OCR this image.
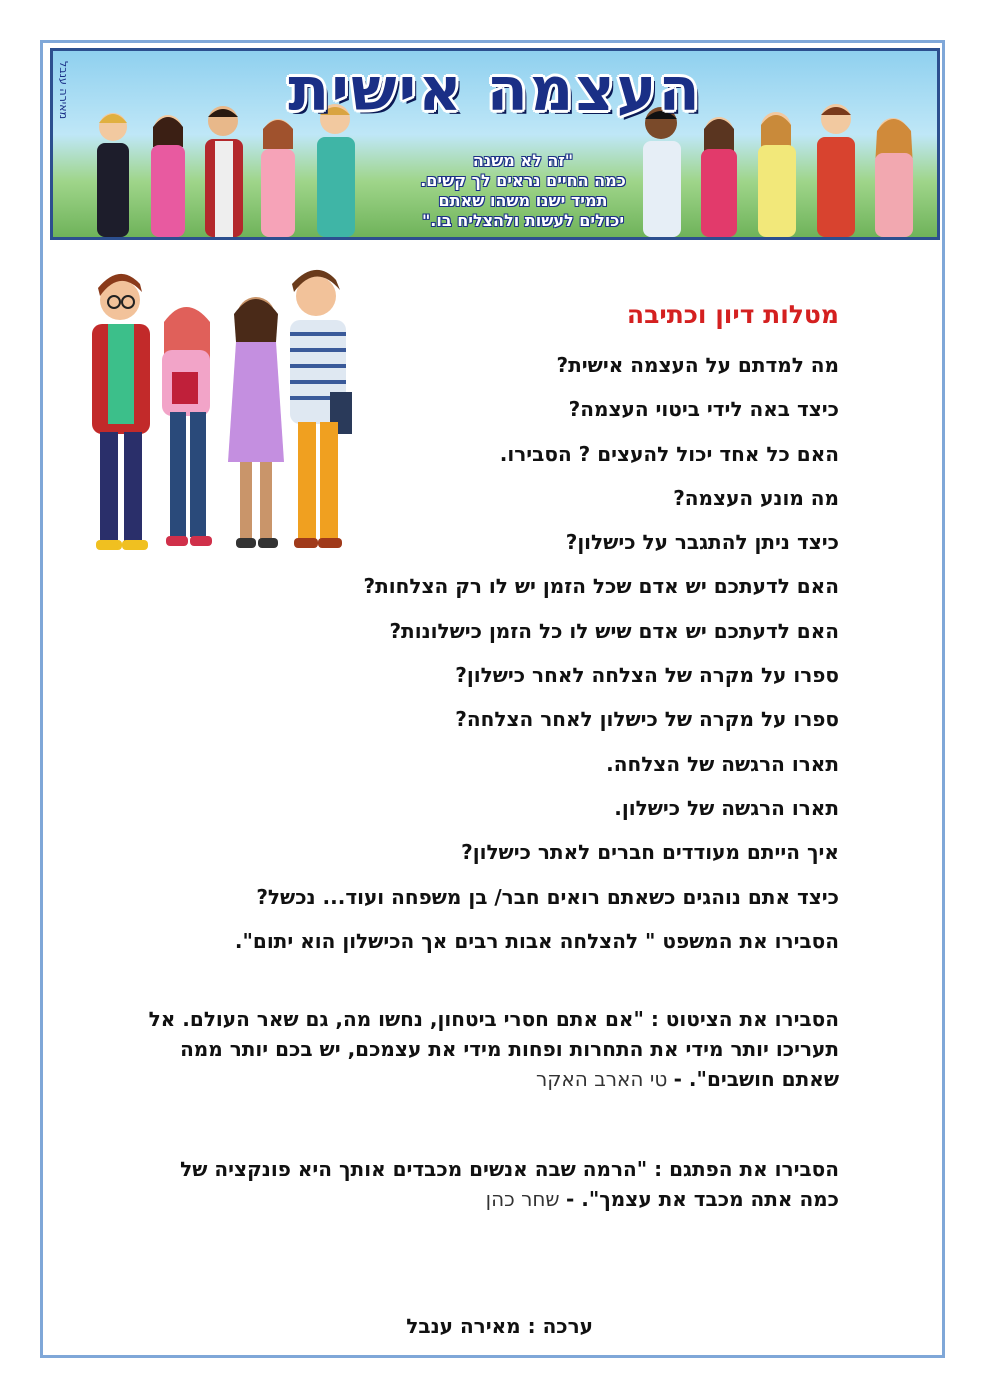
העצמה אישית
"זה לא משנה
כמה החיים נראים לך קשים.
תמיד ישנו משהו שאתם
יכולים לעשות ולהצליח בו."
מאירה ענבל
מטלות דיון וכתיבה
מה למדתם על העצמה אישית?
כיצד באה לידי ביטוי העצמה?
האם כל אחד יכול להעצים ? הסבירו.
מה מונע העצמה?
כיצד ניתן להתגבר על כישלון?
האם לדעתכם יש אדם שכל הזמן יש לו רק הצלחות?
האם לדעתכם יש אדם שיש לו כל הזמן כישלונות?
ספרו על מקרה של הצלחה לאחר כישלון?
ספרו על מקרה של כישלון לאחר הצלחה?
תארו הרגשה של הצלחה.
תארו הרגשה של כישלון.
איך הייתם מעודדים חברים לאתר כישלון?
כיצד אתם נוהגים כשאתם רואים חבר/ בן משפחה ועוד... נכשל?
הסבירו את המשפט " להצלחה אבות רבים אך הכישלון הוא יתום".
הסבירו את הציטוט : "אם אתם חסרי ביטחון, נחשו מה, גם שאר העולם. אל תעריכו יותר מידי את התחרות ופחות מידי את עצמכם, יש בכם יותר ממה שאתם חושבים". - טי הארב האקר
הסבירו את הפתגם : "הרמה שבה אנשים מכבדים אותך היא פונקציה של כמה אתה מכבד את עצמך". - שחר כהן
ערכה : מאירה ענבל
